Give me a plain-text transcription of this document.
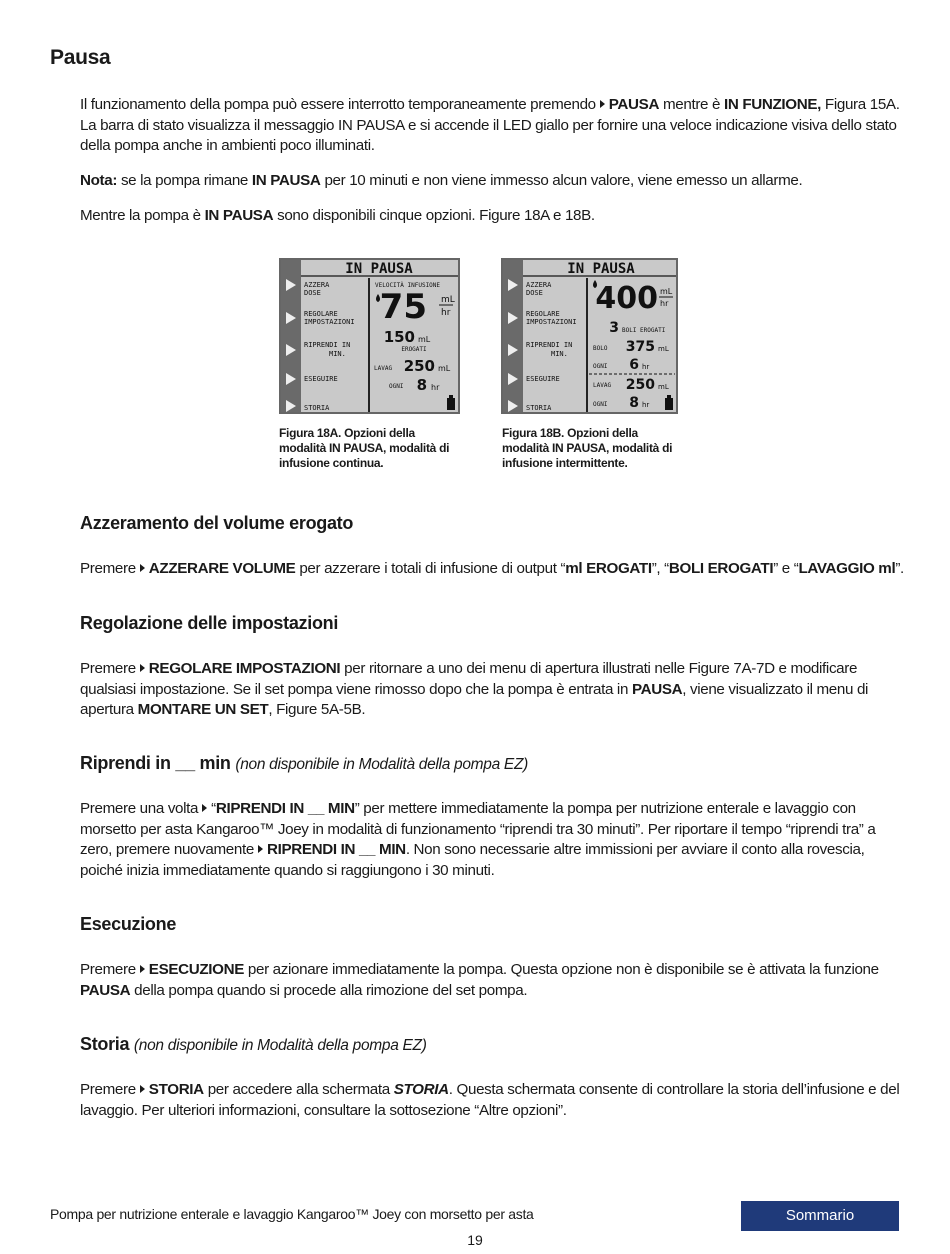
Pausa
Il funzionamento della pompa può essere interrotto temporaneamente premendo PAUSA mentre è IN FUNZIONE, Figura 15A. La barra di stato visualizza il messaggio IN PAUSA e si accende il LED giallo per fornire una veloce indicazione visiva dello stato della pompa anche in ambienti poco illuminati.
Nota: se la pompa rimane IN PAUSA per 10 minuti e non viene immesso alcun valore, viene emesso un allarme.
Mentre la pompa è IN PAUSA sono disponibili cinque opzioni. Figure 18A e 18B.
IN PAUSA
AZZERA
DOSE
REGOLARE
IMPOSTAZIONI
RIPRENDI IN
MIN.
ESEGUIRE
STORIA
VELOCITÀ INFUSIONE
75 mL
hr
150 mL
EROGATI
LAVAG 250 mL
OGNI 8 hr
Figura 18A. Opzioni della modalità IN PAUSA, modalità di infusione continua.
IN PAUSA
AZZERA
DOSE
REGOLARE
IMPOSTAZIONI
RIPRENDI IN
MIN.
ESEGUIRE
STORIA
400 mL
hr
3 BOLI EROGATI
BOLO 375 mL
OGNI 6 hr
LAVAG 250 mL
OGNI 8 hr
Figura 18B. Opzioni della modalità IN PAUSA, modalità di infusione intermittente.
Azzeramento del volume erogato
Premere AZZERARE VOLUME per azzerare i totali di infusione di output “ml EROGATI”, “BOLI EROGATI” e “LAVAGGIO ml”.
Regolazione delle impostazioni
Premere REGOLARE IMPOSTAZIONI per ritornare a uno dei menu di apertura illustrati nelle Figure 7A-7D e modificare qualsiasi impostazione. Se il set pompa viene rimosso dopo che la pompa è entrata in PAUSA, viene visualizzato il menu di apertura MONTARE UN SET, Figure 5A-5B.
Riprendi in __ min (non disponibile in Modalità della pompa EZ)
Premere una volta “RIPRENDI IN __ MIN” per mettere immediatamente la pompa per nutrizione enterale e lavaggio con morsetto per asta Kangaroo™ Joey in modalità di funzionamento “riprendi tra 30 minuti”. Per riportare il tempo “riprendi tra” a zero, premere nuovamente RIPRENDI IN __ MIN. Non sono necessarie altre immissioni per avviare il conto alla rovescia, poiché inizia immediatamente quando si raggiungono i 30 minuti.
Esecuzione
Premere ESECUZIONE per azionare immediatamente la pompa. Questa opzione non è disponibile se è attivata la funzione PAUSA della pompa quando si procede alla rimozione del set pompa.
Storia (non disponibile in Modalità della pompa EZ)
Premere STORIA per accedere alla schermata STORIA. Questa schermata consente di controllare la storia dell’infusione e del lavaggio. Per ulteriori informazioni, consultare la sottosezione “Altre opzioni”.
Pompa per nutrizione enterale e lavaggio Kangaroo™ Joey con morsetto per asta	Sommario
19
